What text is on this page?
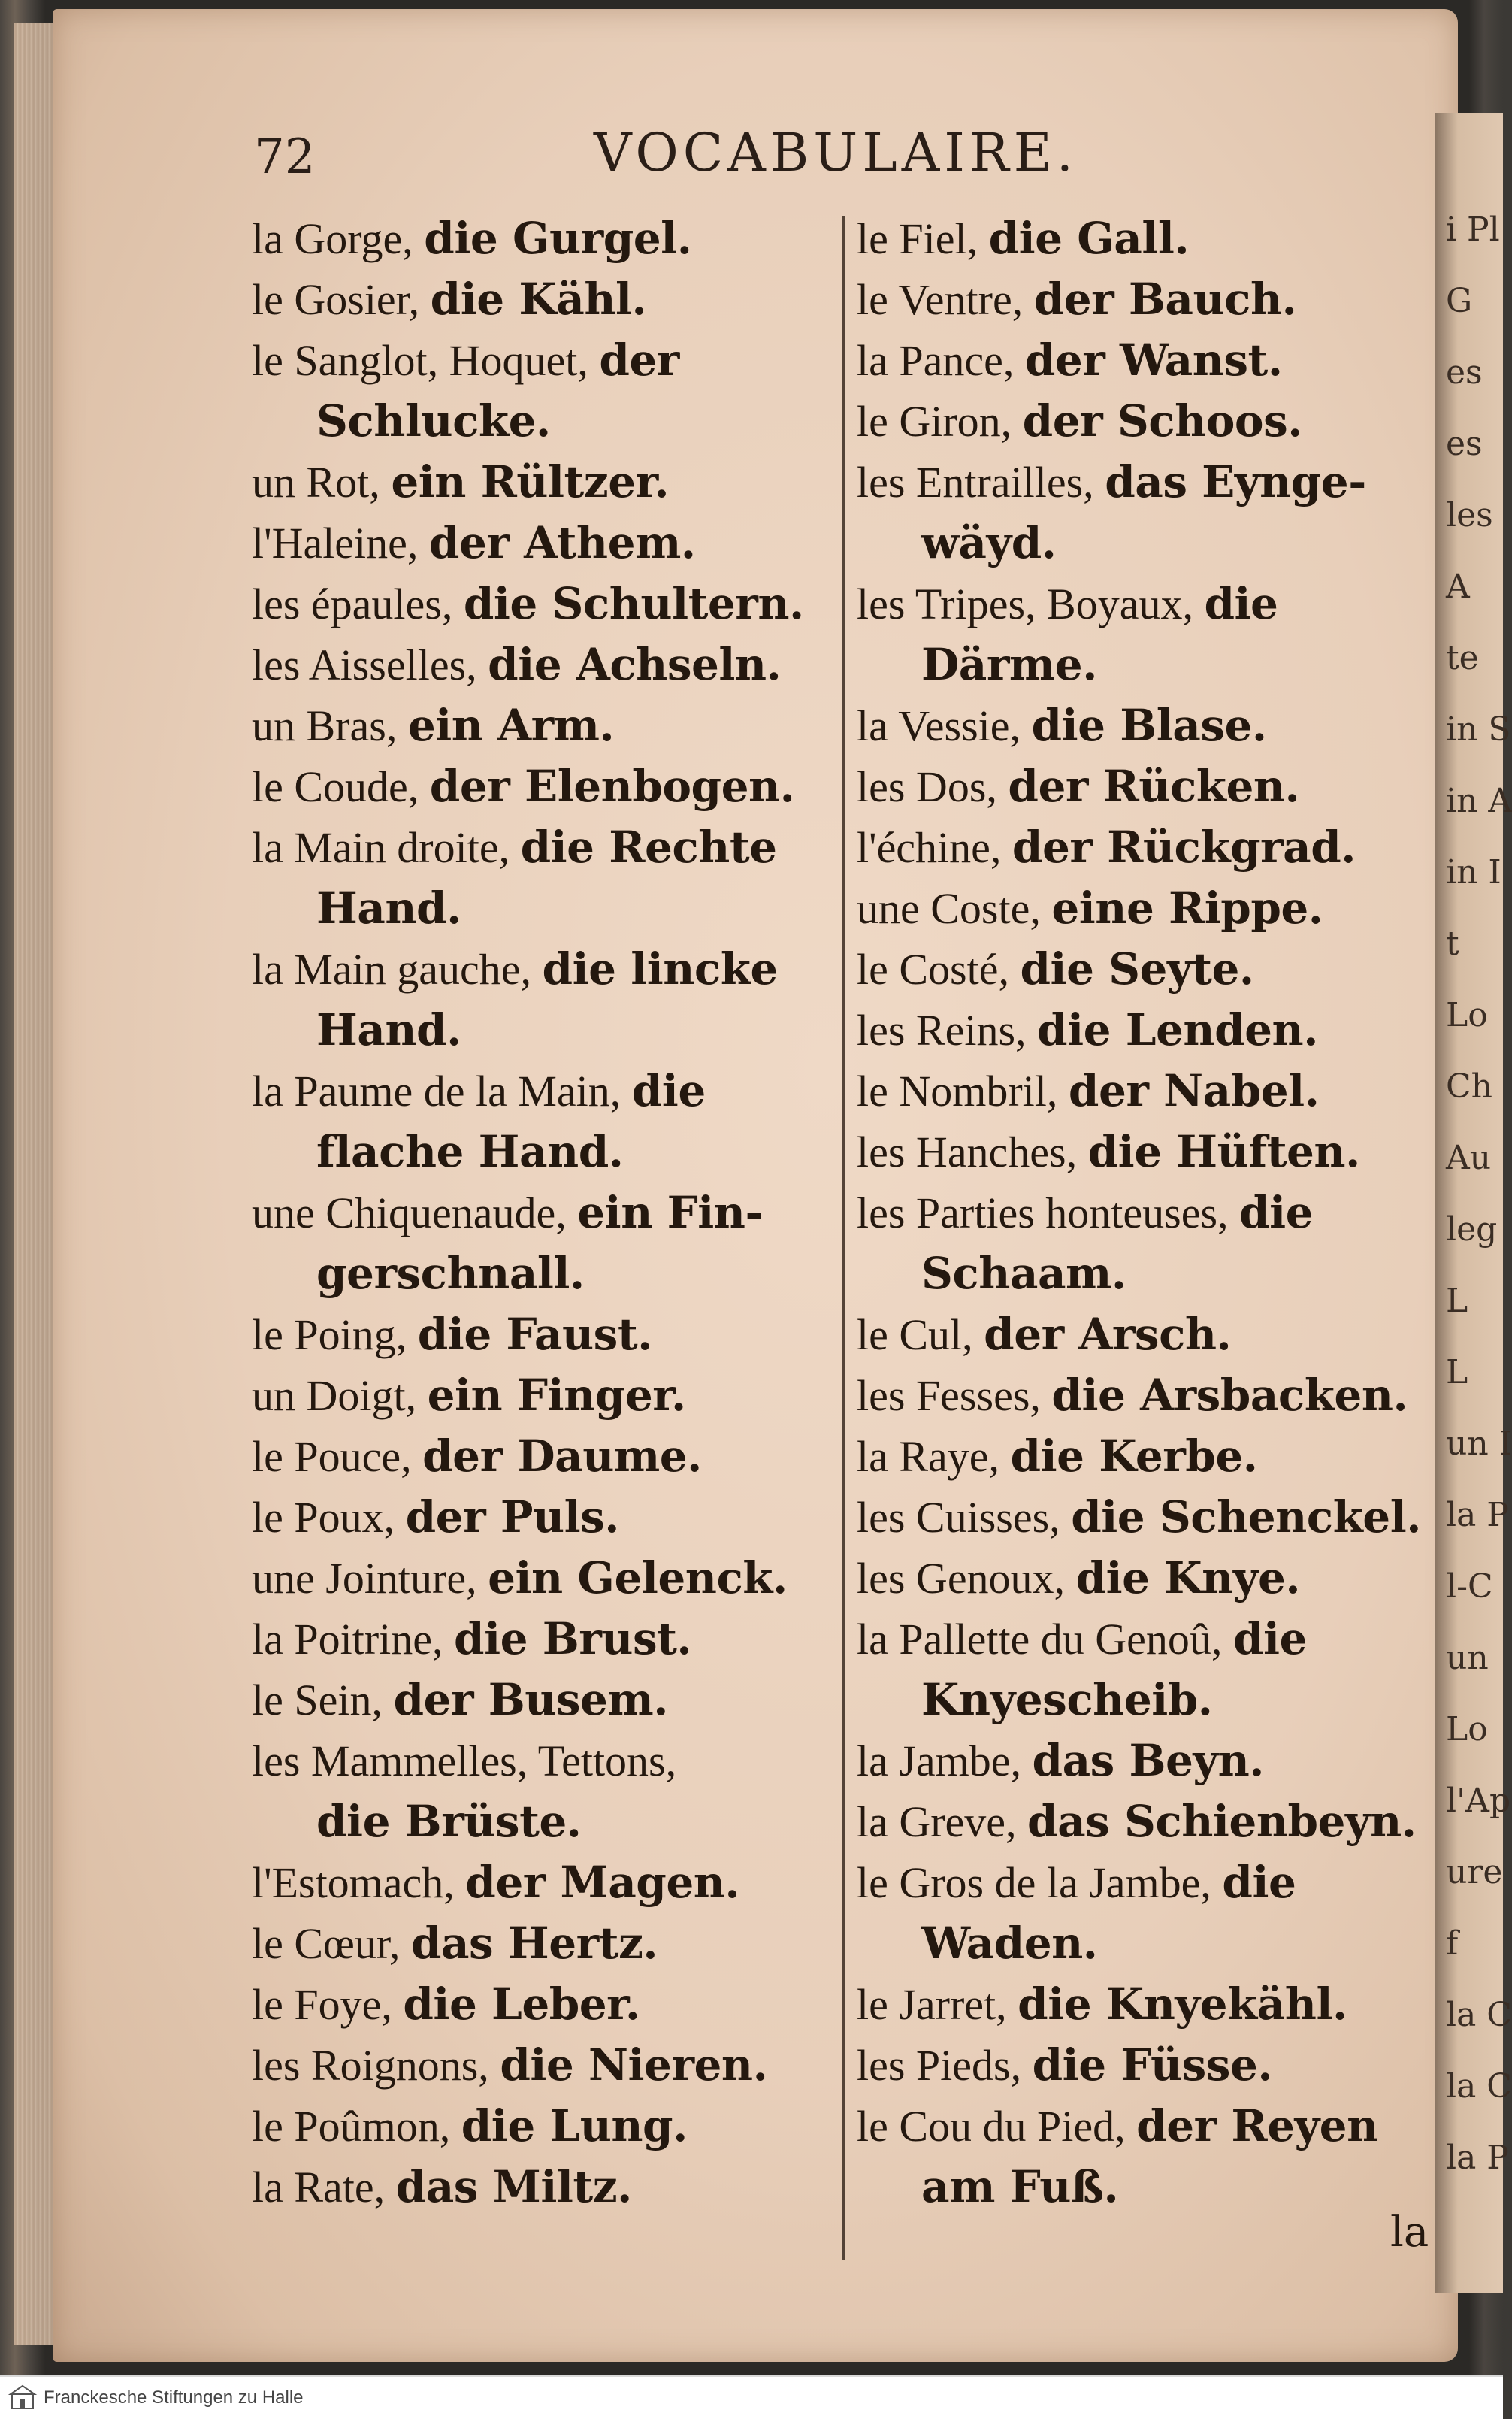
72	VOCABULAIRE.
la Gorge, die Gurgel.
le Gosier, die Kähl.
le Sanglot, Hoquet, der
Schlucke.
un Rot, ein Rültzer.
l'Haleine, der Athem.
les épaules, die Schultern.
les Aisselles, die Achseln.
un Bras, ein Arm.
le Coude, der Elenbogen.
la Main droite, die Rechte
Hand.
la Main gauche, die lincke
Hand.
la Paume de la Main, die
flache Hand.
une Chiquenaude, ein Fin-
gerschnall.
le Poing, die Faust.
un Doigt, ein Finger.
le Pouce, der Daume.
le Poux, der Puls.
une Jointure, ein Gelenck.
la Poitrine, die Brust.
le Sein, der Busem.
les Mammelles, Tettons,
die Brüste.
l'Estomach, der Magen.
le Cœur, das Hertz.
le Foye, die Leber.
les Roignons, die Nieren.
le Poûmon, die Lung.
la Rate, das Miltz.
le Fiel, die Gall.
le Ventre, der Bauch.
la Pance, der Wanst.
le Giron, der Schoos.
les Entrailles, das Eynge-
wäyd.
les Tripes, Boyaux, die
Därme.
la Vessie, die Blase.
les Dos, der Rücken.
l'échine, der Rückgrad.
une Coste, eine Rippe.
le Costé, die Seyte.
les Reins, die Lenden.
le Nombril, der Nabel.
les Hanches, die Hüften.
les Parties honteuses, die
Schaam.
le Cul, der Arsch.
les Fesses, die Arsbacken.
la Raye, die Kerbe.
les Cuisses, die Schenckel.
les Genoux, die Knye.
la Pallette du Genoû, die
Knyescheib.
la Jambe, das Beyn.
la Greve, das Schienbeyn.
le Gros de la Jambe, die
Waden.
le Jarret, die Knyekähl.
les Pieds, die Füsse.
le Cou du Pied, der Reyen
am Fuß.
la
i Pl
G
es
es
les
A
te
in S
in A
in I
t
Lo
Ch
Au
leg
L
L
un I
la P
l-C
un
Lo
l'Ap
ure
f
la C
la C
la P
Franckesche Stiftungen zu Halle
